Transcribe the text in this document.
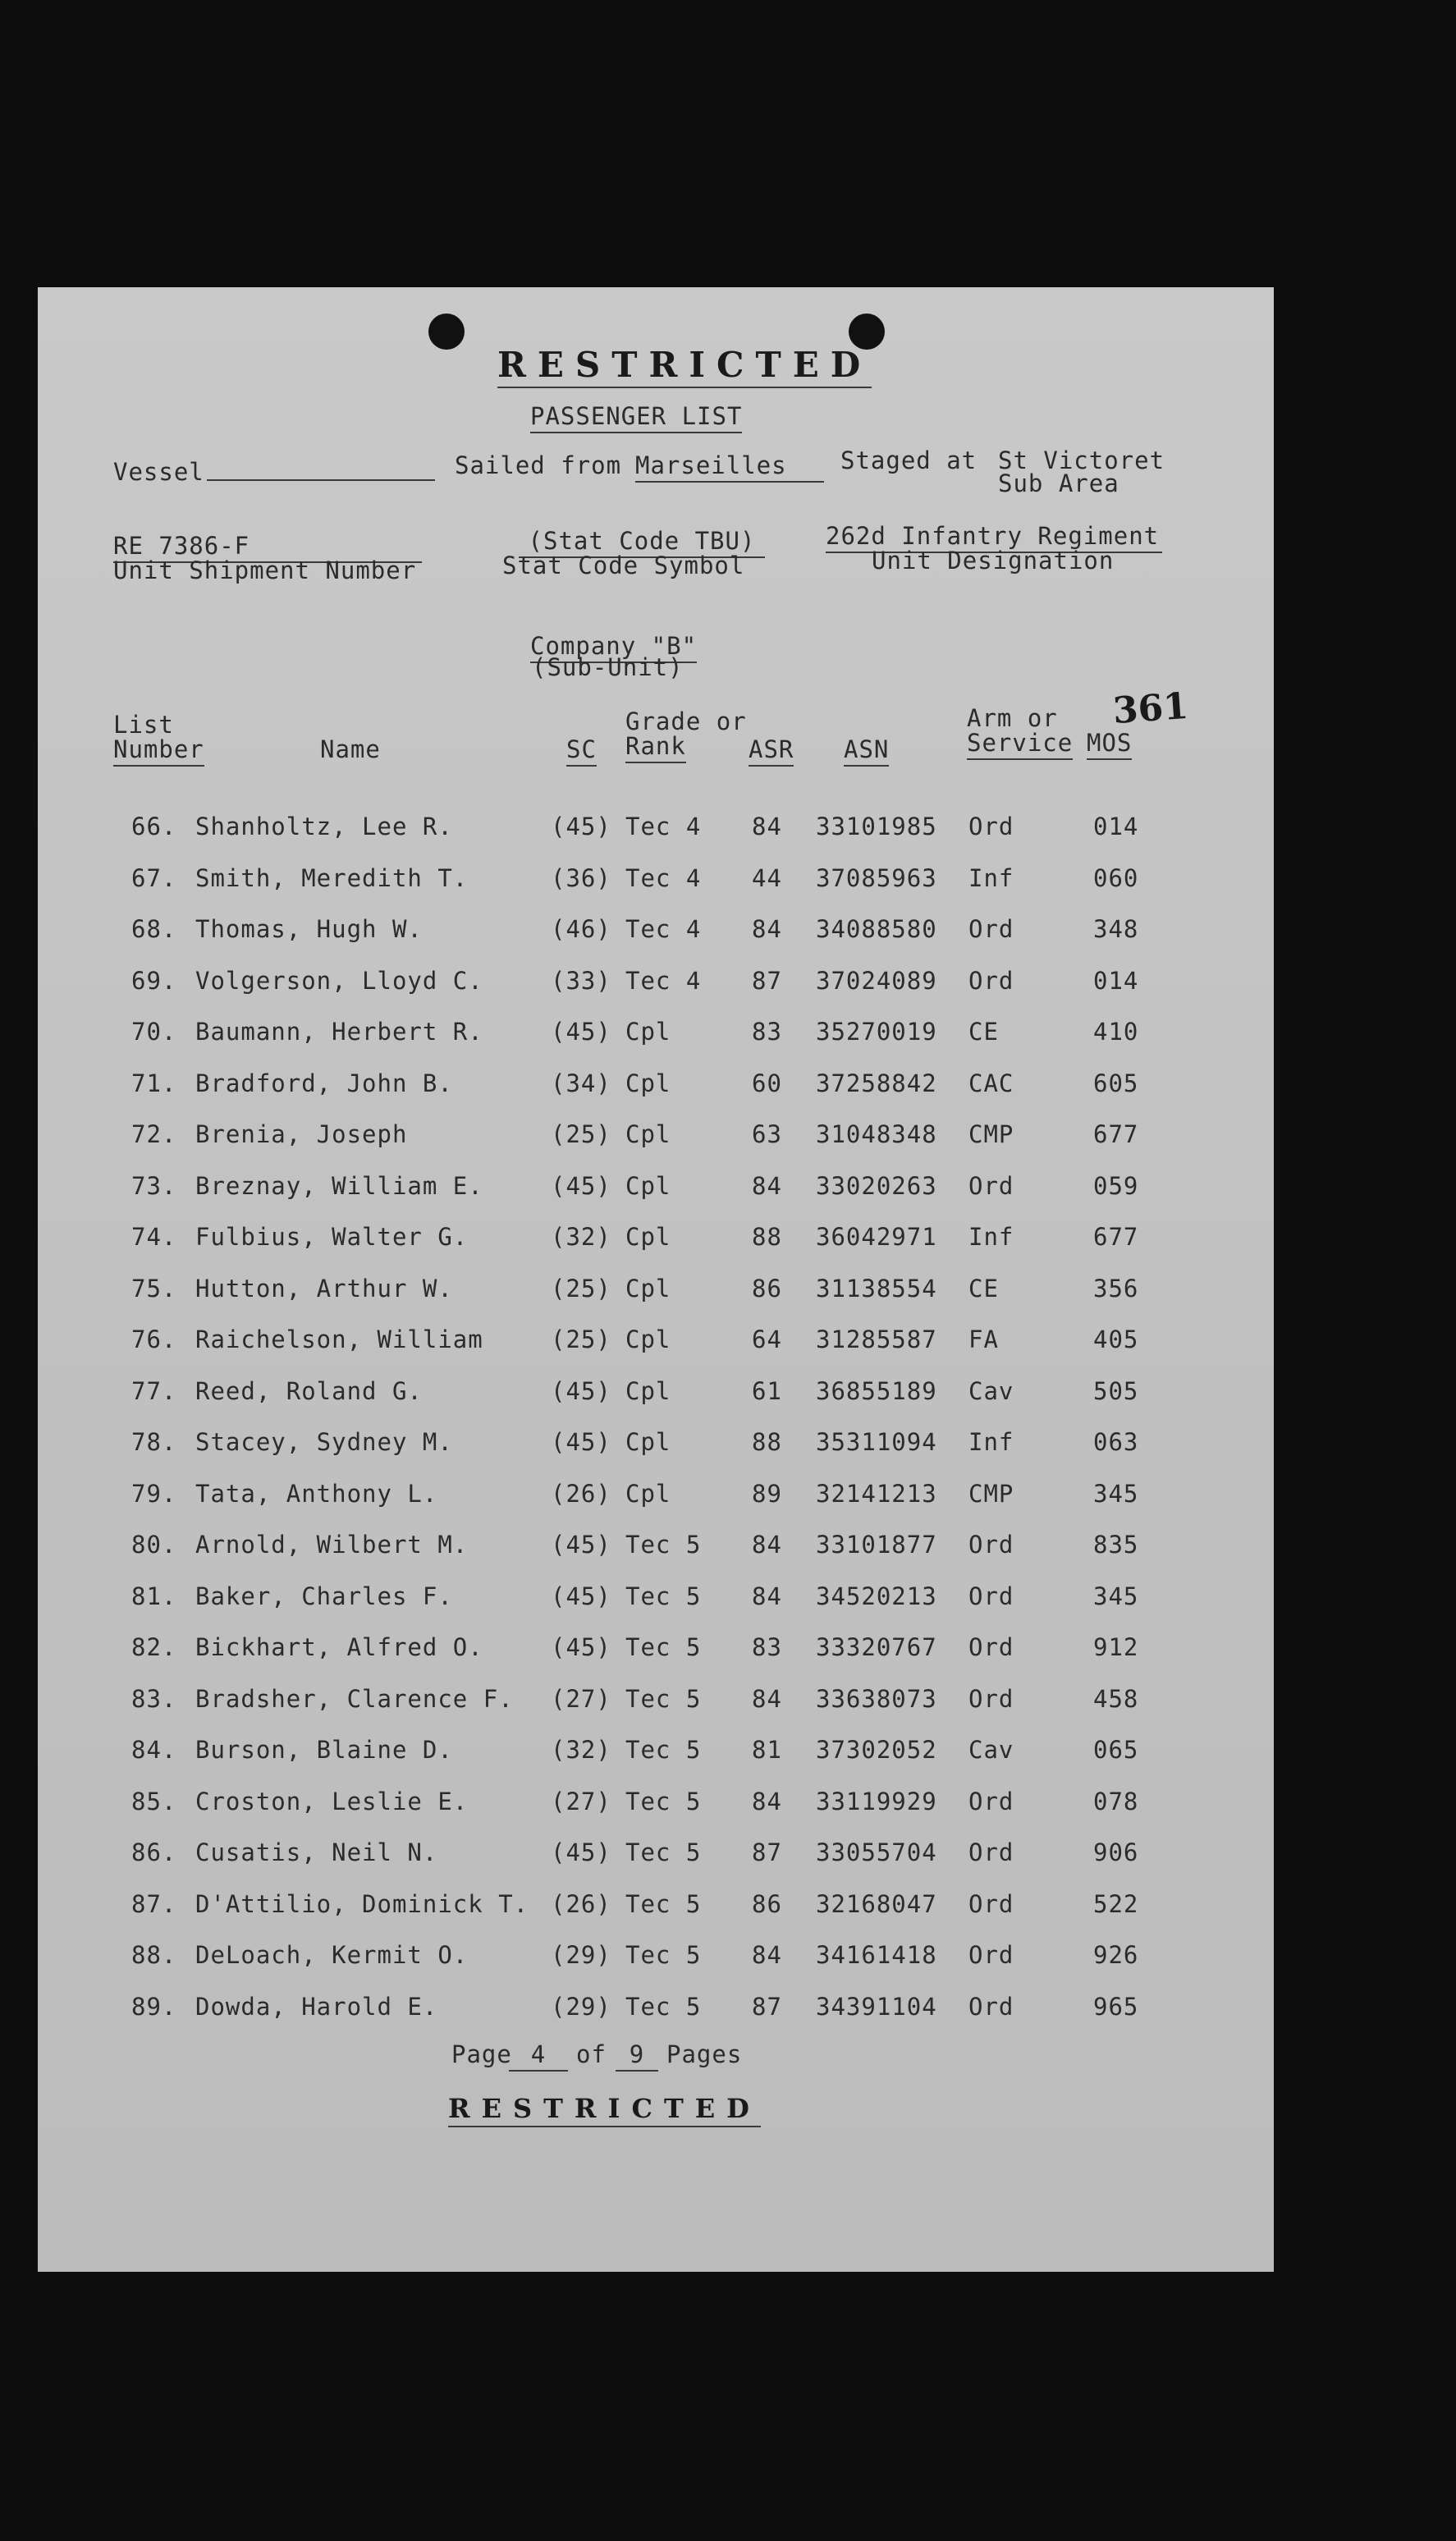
RESTRICTED
PASSENGER LIST
Vessel	Sailed from Marseilles	Staged at St Victoret
Sub Area
RE 7386-F
Unit Shipment Number
(Stat Code TBU)
Stat Code Symbol
262d Infantry Regiment
Unit Designation
Company "B"
(Sub-Unit)
361
List
Number	Name	SC
Grade or
Rank	ASR ASN
Arm or
Service MOS
66. Shanholtz, Lee R.	(45) Tec 4 84 33101985 Ord	014
67. Smith, Meredith T.	(36) Tec 4 44 37085963 Inf	060
68. Thomas, Hugh W.	(46) Tec 4 84 34088580 Ord	348
69. Volgerson, Lloyd C.	(33) Tec 4 87 37024089 Ord	014
70. Baumann, Herbert R.	(45) Cpl	83 35270019 CE	410
71. Bradford, John B.	(34) Cpl	60 37258842 CAC	605
72. Brenia, Joseph	(25) Cpl	63 31048348 CMP	677
73. Breznay, William E.	(45) Cpl	84 33020263 Ord	059
74. Fulbius, Walter G.	(32) Cpl	88 36042971 Inf	677
75. Hutton, Arthur W.	(25) Cpl	86 31138554 CE	356
76. Raichelson, William	(25) Cpl	64 31285587 FA	405
77. Reed, Roland G.	(45) Cpl	61 36855189 Cav	505
78. Stacey, Sydney M.	(45) Cpl	88 35311094 Inf	063
79. Tata, Anthony L.	(26) Cpl	89 32141213 CMP	345
80. Arnold, Wilbert M.	(45) Tec 5 84 33101877 Ord	835
81. Baker, Charles F.	(45) Tec 5 84 34520213 Ord	345
82. Bickhart, Alfred O.	(45) Tec 5 83 33320767 Ord	912
83. Bradsher, Clarence F. (27) Tec 5 84 33638073 Ord	458
84. Burson, Blaine D.	(32) Tec 5 81 37302052 Cav	065
85. Croston, Leslie E.	(27) Tec 5 84 33119929 Ord	078
86. Cusatis, Neil N.	(45) Tec 5 87 33055704 Ord	906
87. D'Attilio, Dominick T. (26) Tec 5 86 32168047 Ord	522
88. DeLoach, Kermit O.	(29) Tec 5 84 34161418 Ord	926
89. Dowda, Harold E.	(29) Tec 5 87 34391104 Ord	965
Page 4	of 9 Pages
RESTRICTED
